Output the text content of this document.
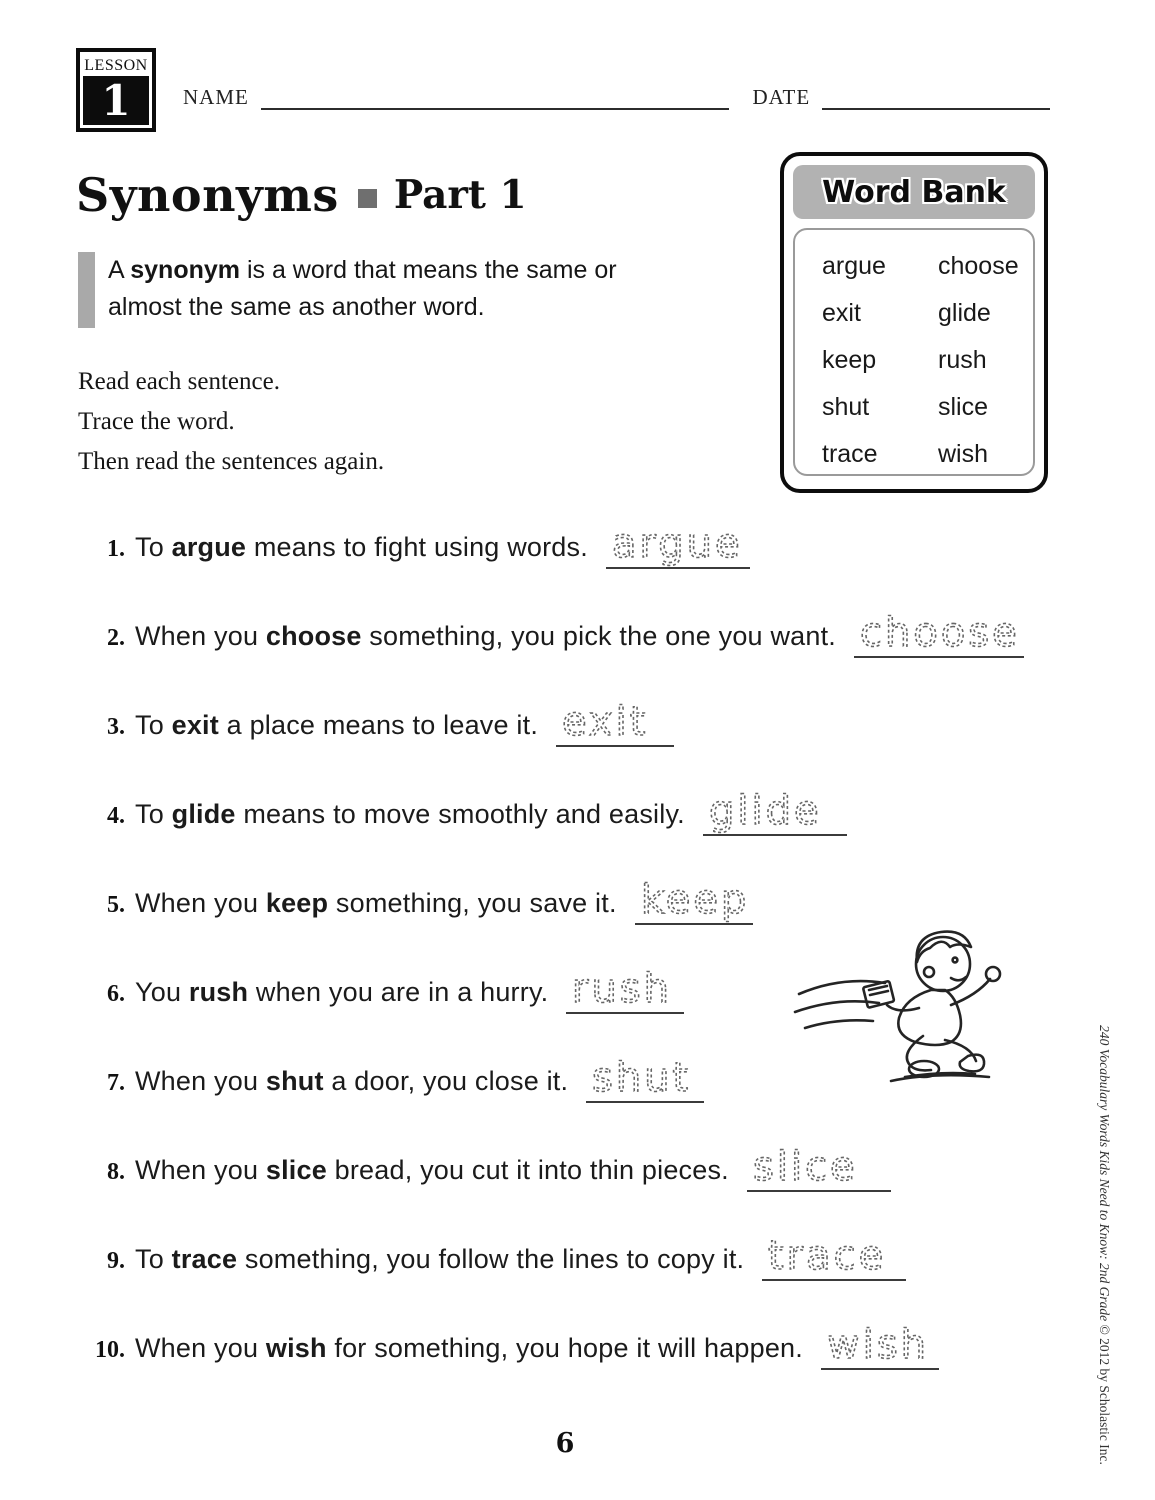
LESSON
1	NAME	DATE
Synonyms Part 1
A synonym is a word that means the same or almost the same as another word.
Read each sentence.
Trace the word.
Then read the sentences again.
Word Bank
argue	choose
exit	glide
keep	rush
shut	slice
trace	wish
1. To argue means to fight using words. argue
2. When you choose something, you pick the one you want. choose
3. To exit a place means to leave it. exit
4. To glide means to move smoothly and easily. glide
5. When you keep something, you save it. keep
6. You rush when you are in a hurry. rush
7. When you shut a door, you close it. shut
8. When you slice bread, you cut it into thin pieces. slice
9. To trace something, you follow the lines to copy it. trace
10. When you wish for something, you hope it will happen. wish
240 Vocabulary Words Kids Need to Know: 2nd Grade © 2012 by Scholastic Inc.
6
